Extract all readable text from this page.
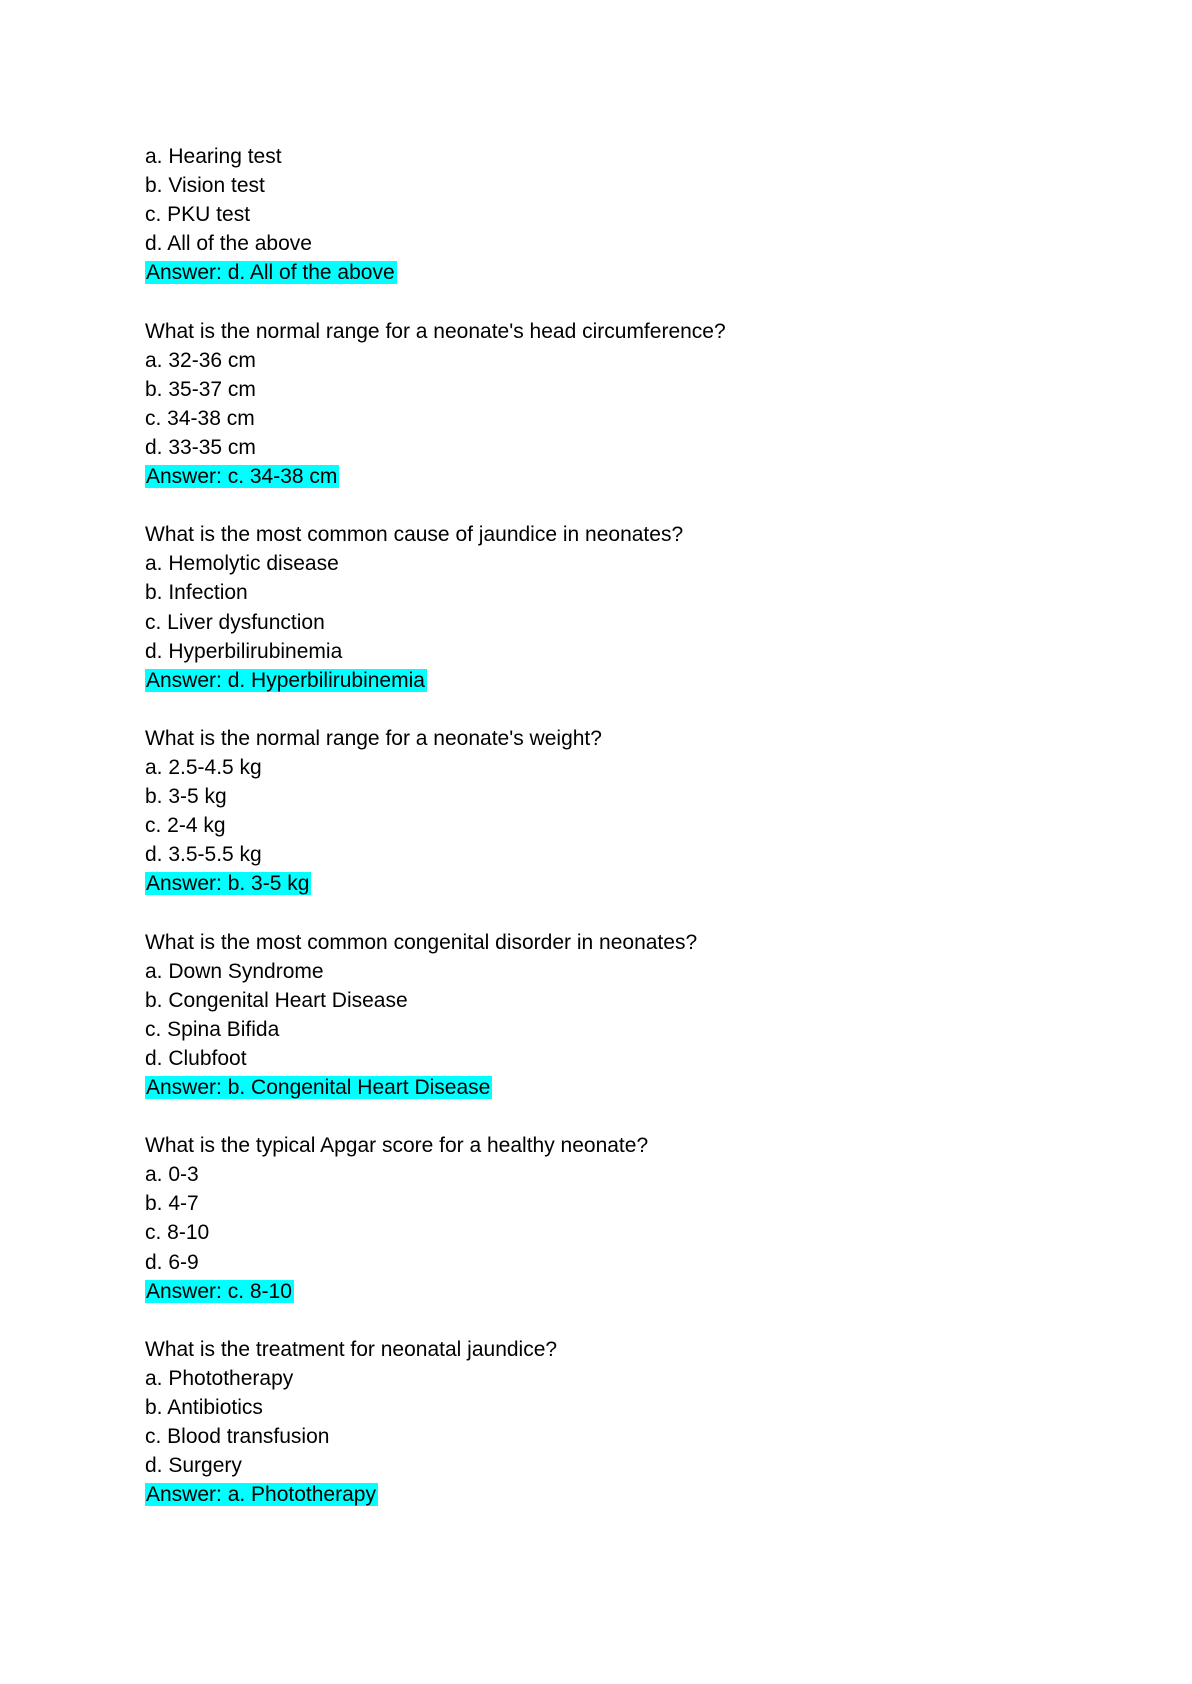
a. Hearing test
b. Vision test
c. PKU test
d. All of the above
Answer: d. All of the above
What is the normal range for a neonate's head circumference?
a. 32-36 cm
b. 35-37 cm
c. 34-38 cm
d. 33-35 cm
Answer: c. 34-38 cm
What is the most common cause of jaundice in neonates?
a. Hemolytic disease
b. Infection
c. Liver dysfunction
d. Hyperbilirubinemia
Answer: d. Hyperbilirubinemia
What is the normal range for a neonate's weight?
a. 2.5-4.5 kg
b. 3-5 kg
c. 2-4 kg
d. 3.5-5.5 kg
Answer: b. 3-5 kg
What is the most common congenital disorder in neonates?
a. Down Syndrome
b. Congenital Heart Disease
c. Spina Bifida
d. Clubfoot
Answer: b. Congenital Heart Disease
What is the typical Apgar score for a healthy neonate?
a. 0-3
b. 4-7
c. 8-10
d. 6-9
Answer: c. 8-10
What is the treatment for neonatal jaundice?
a. Phototherapy
b. Antibiotics
c. Blood transfusion
d. Surgery
Answer: a. Phototherapy
